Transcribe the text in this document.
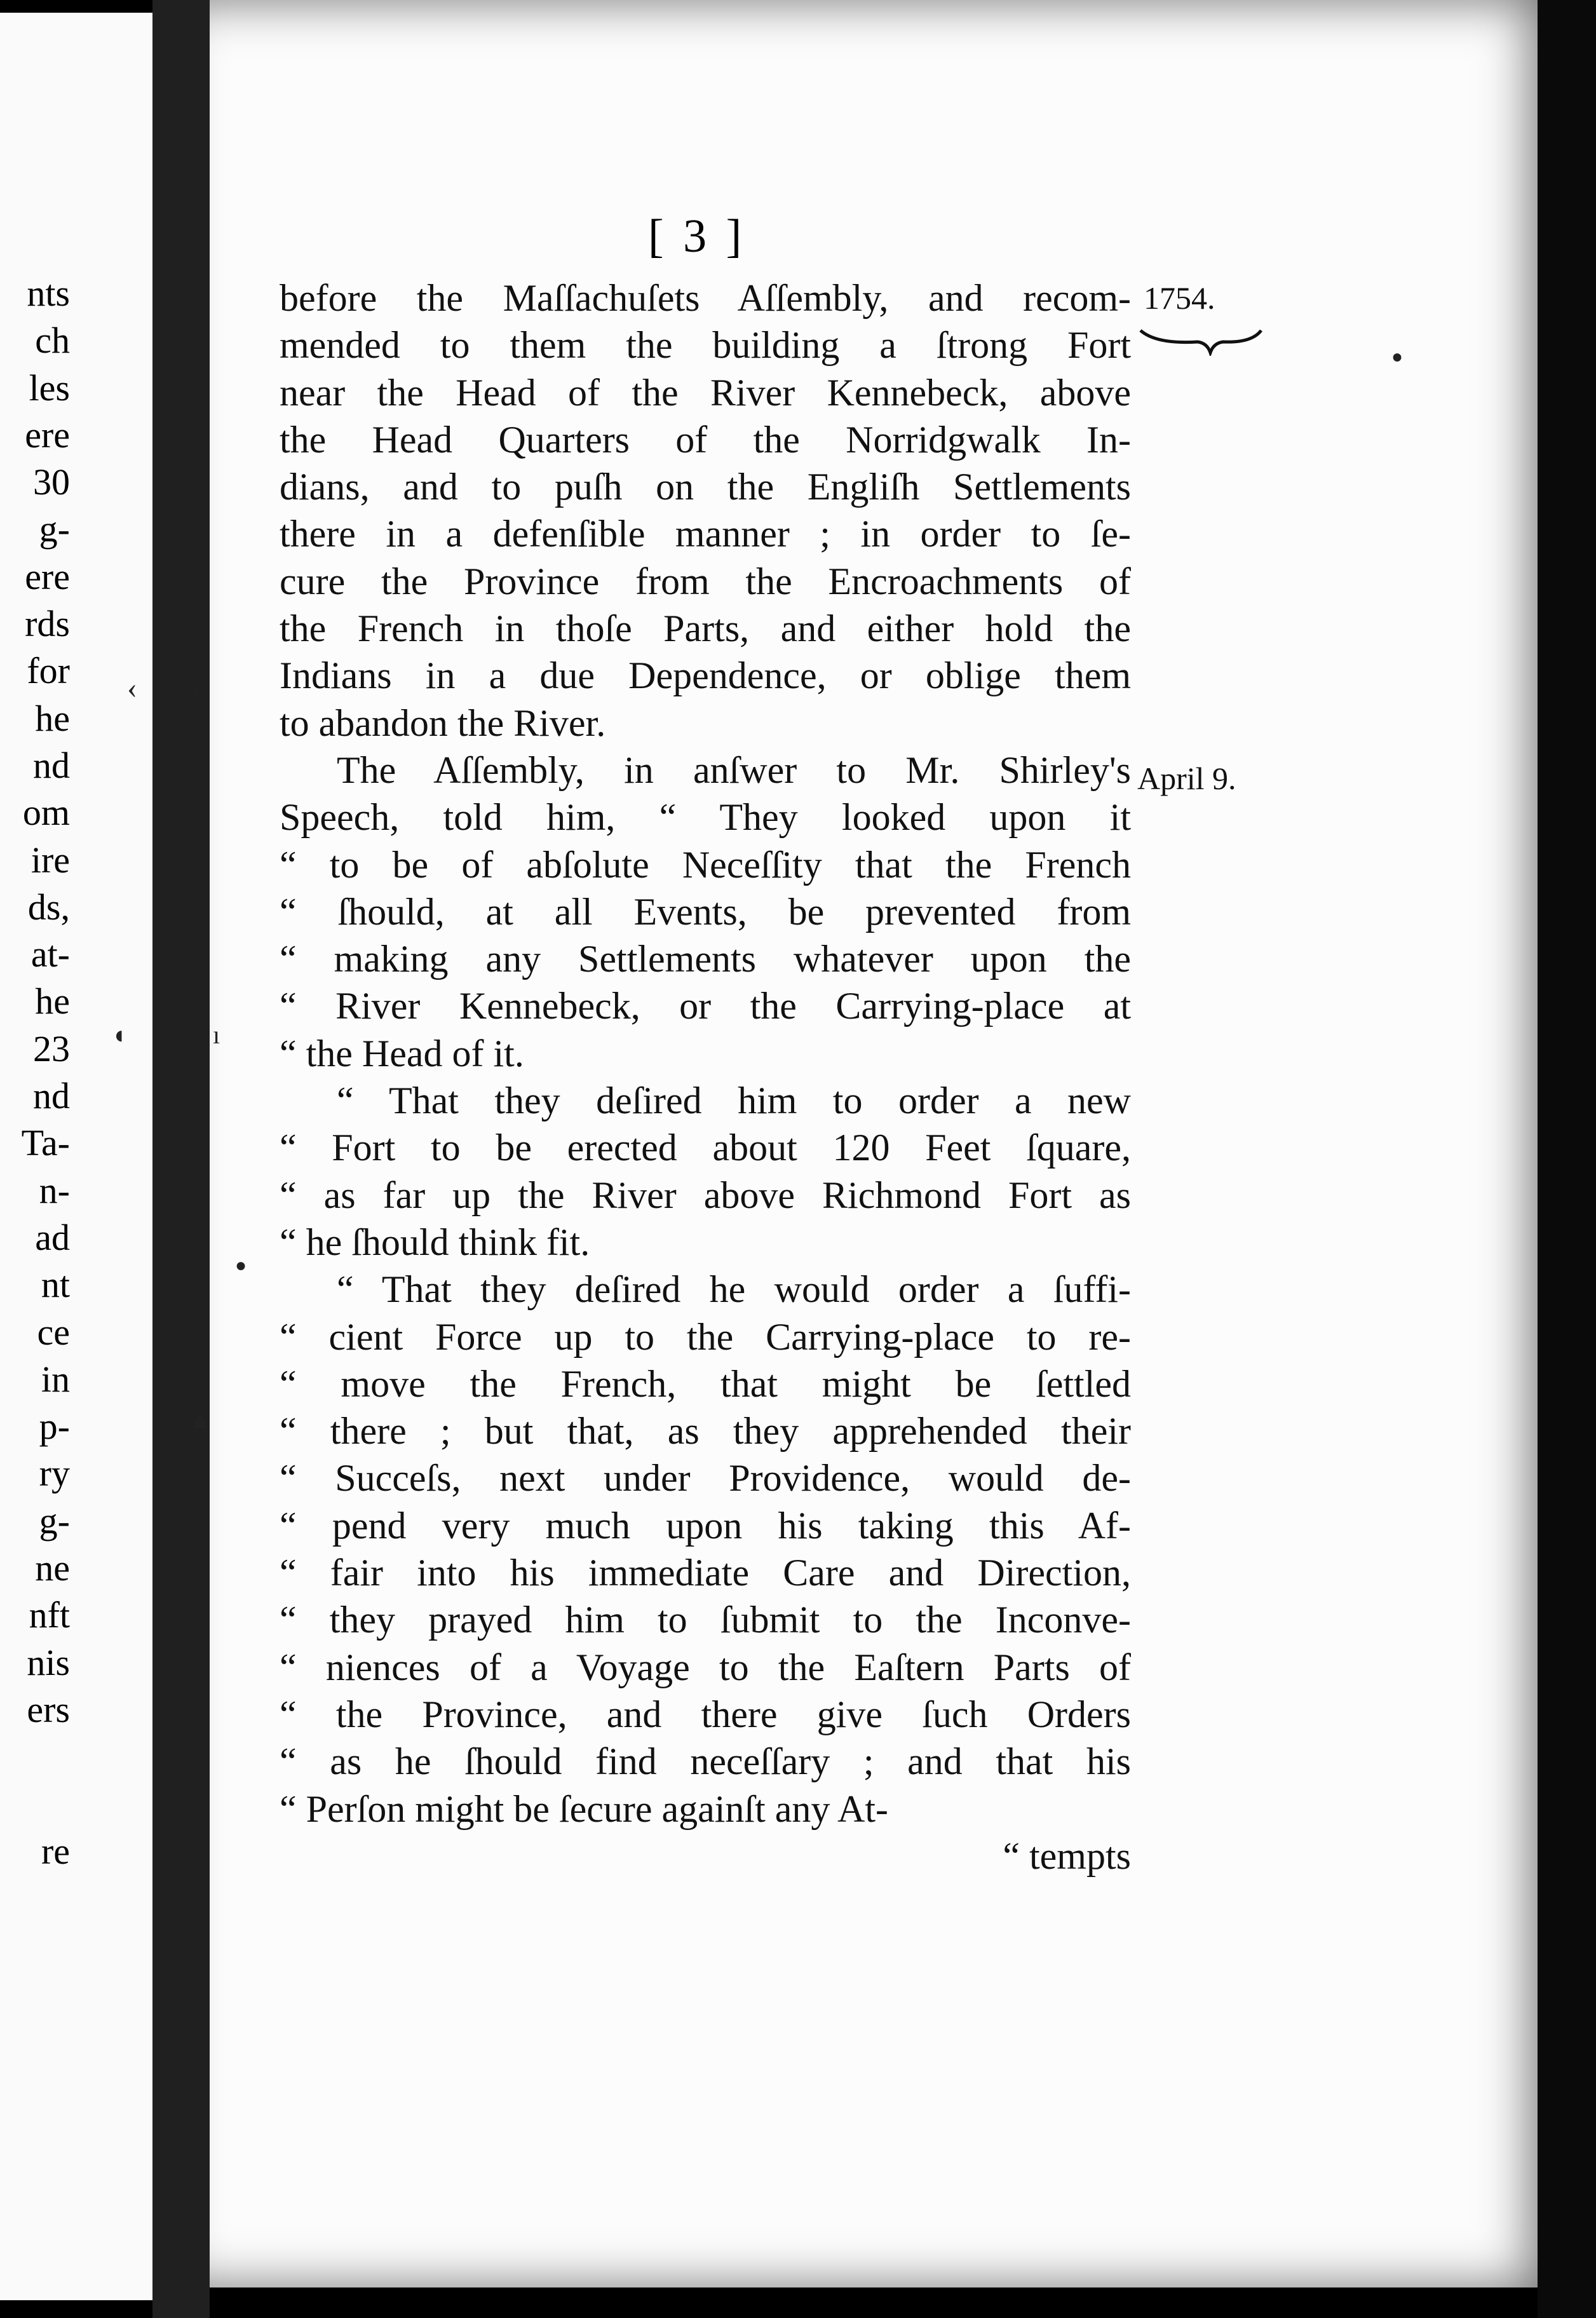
nts
ch
les
ere
30
g-
ere
rds
for
he
nd
om
ire
ds,
at-
he
23
nd
Ta-
n-
ad
nt
ce
in
p-
ry
g-
ne
nft
nis
ers
re
[ 3 ]
1754.
April 9.
‹ ›
◖	ı
●
●
▲
before the Maſſachuſets Aſſembly, and recom-
mended to them the building a ſtrong Fort
near the Head of the River Kennebeck, above
the Head Quarters of the Norridgwalk In-
dians, and to puſh on the Engliſh Settlements
there in a defenſible manner ; in order to ſe-
cure the Province from the Encroachments of
the French in thoſe Parts, and either hold the
Indians in a due Dependence, or oblige them
to abandon the River.
The Aſſembly, in anſwer to Mr. Shirley's
Speech, told him, “ They looked upon it
“ to be of abſolute Neceſſity that the French
“ ſhould, at all Events, be prevented from
“ making any Settlements whatever upon the
“ River Kennebeck, or the Carrying-place at
“ the Head of it.
“ That they deſired him to order a new
“ Fort to be erected about 120 Feet ſquare,
“ as far up the River above Richmond Fort as
“ he ſhould think fit.
“ That they deſired he would order a ſuffi-
“ cient Force up to the Carrying-place to re-
“ move the French, that might be ſettled
“ there ; but that, as they apprehended their
“ Succeſs, next under Providence, would de-
“ pend very much upon his taking this Af-
“ fair into his immediate Care and Direction,
“ they prayed him to ſubmit to the Inconve-
“ niences of a Voyage to the Eaſtern Parts of
“ the Province, and there give ſuch Orders
“ as he ſhould find neceſſary ; and that his
“ Perſon might be ſecure againſt any At-
“ tempts
